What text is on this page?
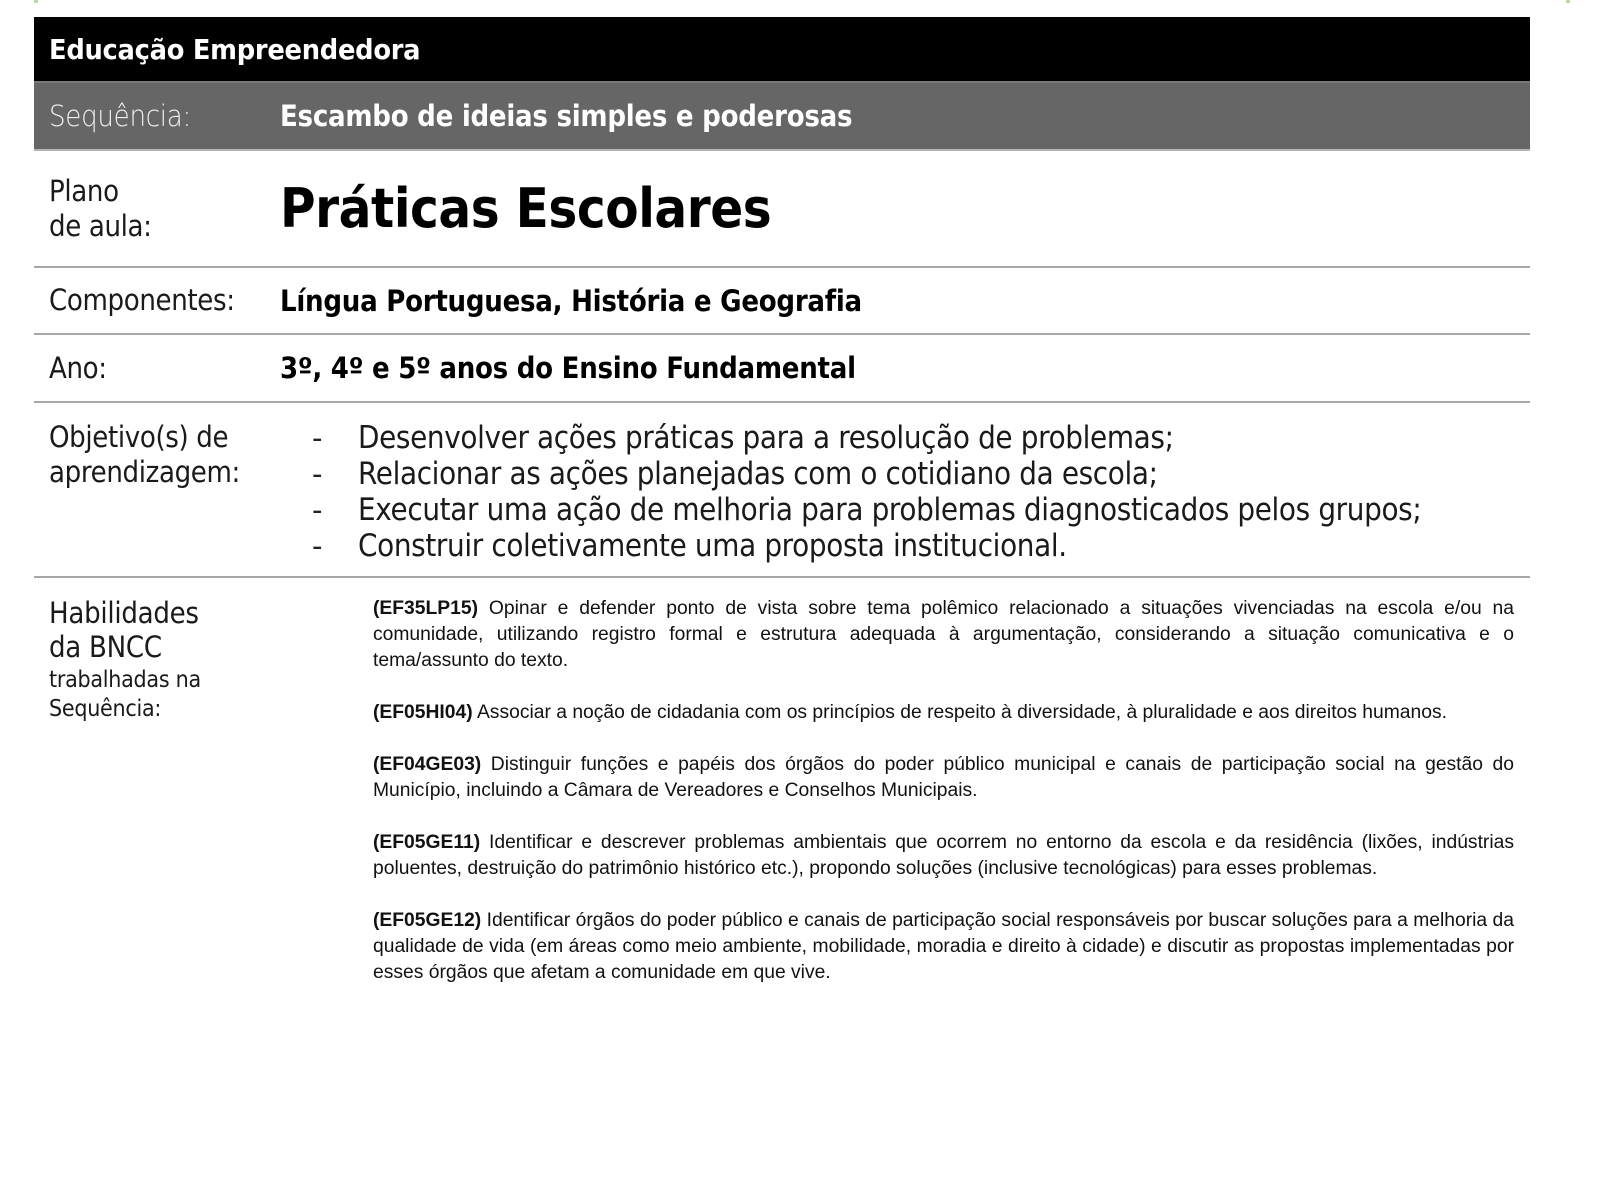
Educação Empreendedora
Sequência:	Escambo de ideias simples e poderosas
Plano
de aula:	Práticas Escolares
Componentes:	Língua Portuguesa, História e Geografia
Ano:	3º, 4º e 5º anos do Ensino Fundamental
Objetivo(s) de
aprendizagem:
-	Desenvolver ações práticas para a resolução de problemas;
-	Relacionar as ações planejadas com o cotidiano da escola;
-	Executar uma ação de melhoria para problemas diagnosticados pelos grupos;
-	Construir coletivamente uma proposta institucional.
Habilidades
da BNCC
trabalhadas na
Sequência:

(EF35LP15) Opinar e defender ponto de vista sobre tema polêmico relacionado a situações vivenciadas na escola e/ou na comunidade, utilizando registro formal e estrutura adequada à argumentação, considerando a situação comunicativa e o tema/assunto do texto.

(EF05HI04) Associar a noção de cidadania com os princípios de respeito à diversidade, à pluralidade e aos direitos humanos.

(EF04GE03) Distinguir funções e papéis dos órgãos do poder público municipal e canais de participação social na gestão do Município, incluindo a Câmara de Vereadores e Conselhos Municipais.

(EF05GE11) Identificar e descrever problemas ambientais que ocorrem no entorno da escola e da residência (lixões, indústrias poluentes, destruição do patrimônio histórico etc.), propondo soluções (inclusive tecnológicas) para esses problemas.

(EF05GE12) Identificar órgãos do poder público e canais de participação social responsáveis por buscar soluções para a melhoria da qualidade de vida (em áreas como meio ambiente, mobilidade, moradia e direito à cidade) e discutir as propostas implementadas por esses órgãos que afetam a comunidade em que vive.
